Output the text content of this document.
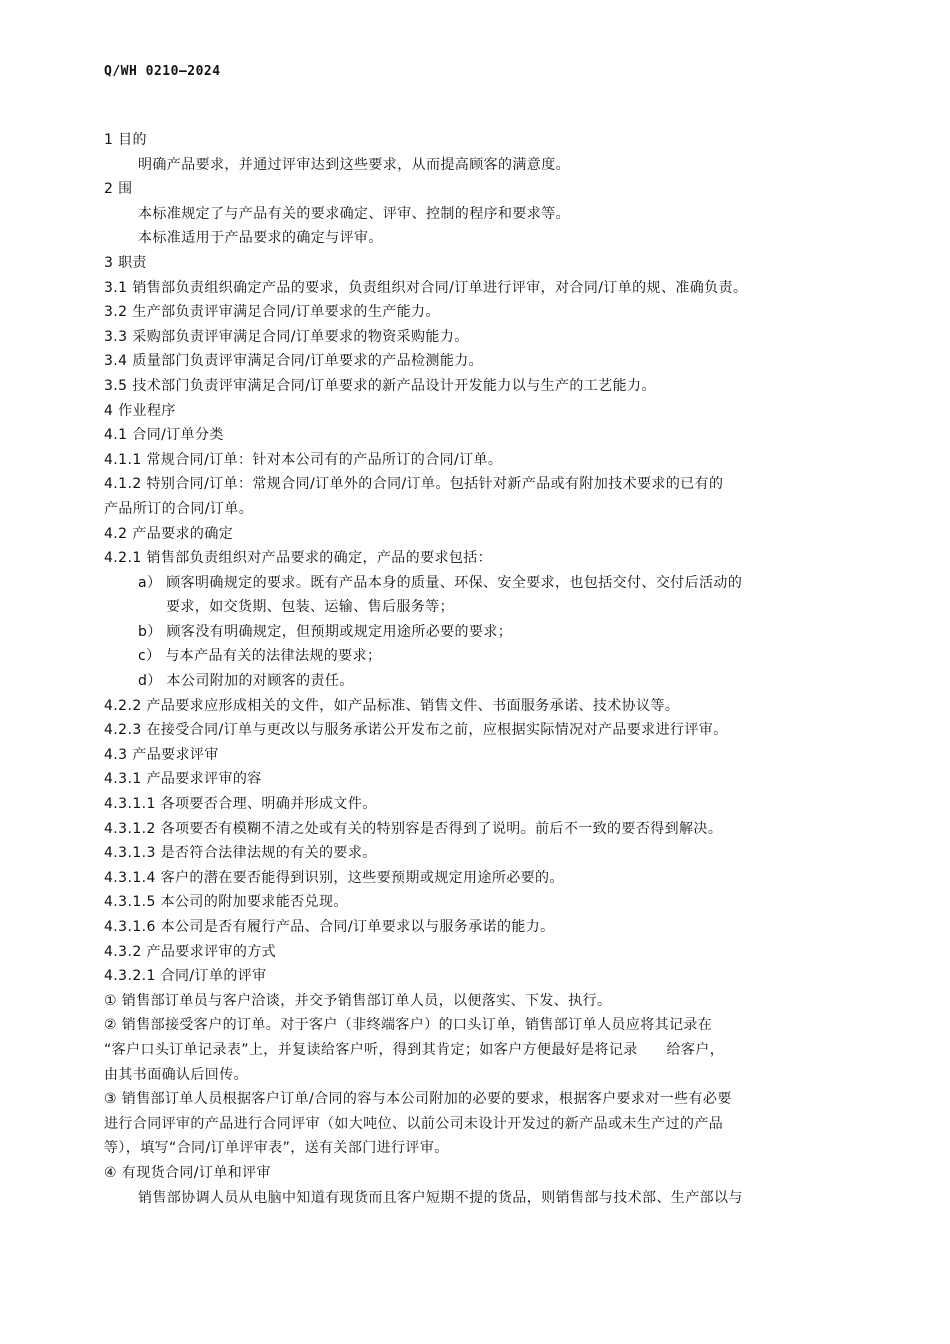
Q/WH 0210—2024
1 目的
明确产品要求，并通过评审达到这些要求，从而提高顾客的满意度。
2 围
本标准规定了与产品有关的要求确定、评审、控制的程序和要求等。
本标准适用于产品要求的确定与评审。
3 职责
3.1 销售部负责组织确定产品的要求，负责组织对合同/订单进行评审，对合同/订单的规、准确负责。
3.2 生产部负责评审满足合同/订单要求的生产能力。
3.3 采购部负责评审满足合同/订单要求的物资采购能力。
3.4 质量部门负责评审满足合同/订单要求的产品检测能力。
3.5 技术部门负责评审满足合同/订单要求的新产品设计开发能力以与生产的工艺能力。
4 作业程序
4.1 合同/订单分类
4.1.1 常规合同/订单：针对本公司有的产品所订的合同/订单。
4.1.2 特别合同/订单：常规合同/订单外的合同/订单。包括针对新产品或有附加技术要求的已有的
产品所订的合同/订单。
4.2 产品要求的确定
4.2.1 销售部负责组织对产品要求的确定，产品的要求包括：
a） 顾客明确规定的要求。既有产品本身的质量、环保、安全要求，也包括交付、交付后活动的
要求，如交货期、包装、运输、售后服务等；
b） 顾客没有明确规定，但预期或规定用途所必要的要求；
c） 与本产品有关的法律法规的要求；
d） 本公司附加的对顾客的责任。
4.2.2 产品要求应形成相关的文件，如产品标准、销售文件、书面服务承诺、技术协议等。
4.2.3 在接受合同/订单与更改以与服务承诺公开发布之前，应根据实际情况对产品要求进行评审。
4.3 产品要求评审
4.3.1 产品要求评审的容
4.3.1.1 各项要否合理、明确并形成文件。
4.3.1.2 各项要否有模糊不清之处或有关的特别容是否得到了说明。前后不一致的要否得到解决。
4.3.1.3 是否符合法律法规的有关的要求。
4.3.1.4 客户的潜在要否能得到识别，这些要预期或规定用途所必要的。
4.3.1.5 本公司的附加要求能否兑现。
4.3.1.6 本公司是否有履行产品、合同/订单要求以与服务承诺的能力。
4.3.2 产品要求评审的方式
4.3.2.1 合同/订单的评审
① 销售部订单员与客户洽谈，并交予销售部订单人员，以便落实、下发、执行。
② 销售部接受客户的订单。对于客户（非终端客户）的口头订单，销售部订单人员应将其记录在
“客户口头订单记录表”上，并复读给客户听，得到其肯定；如客户方便最好是将记录　　给客户，
由其书面确认后回传。
③ 销售部订单人员根据客户订单/合同的容与本公司附加的必要的要求，根据客户要求对一些有必要
进行合同评审的产品进行合同评审（如大吨位、以前公司未设计开发过的新产品或未生产过的产品
等），填写“合同/订单评审表”，送有关部门进行评审。
④ 有现货合同/订单和评审
销售部协调人员从电脑中知道有现货而且客户短期不提的货品，则销售部与技术部、生产部以与
